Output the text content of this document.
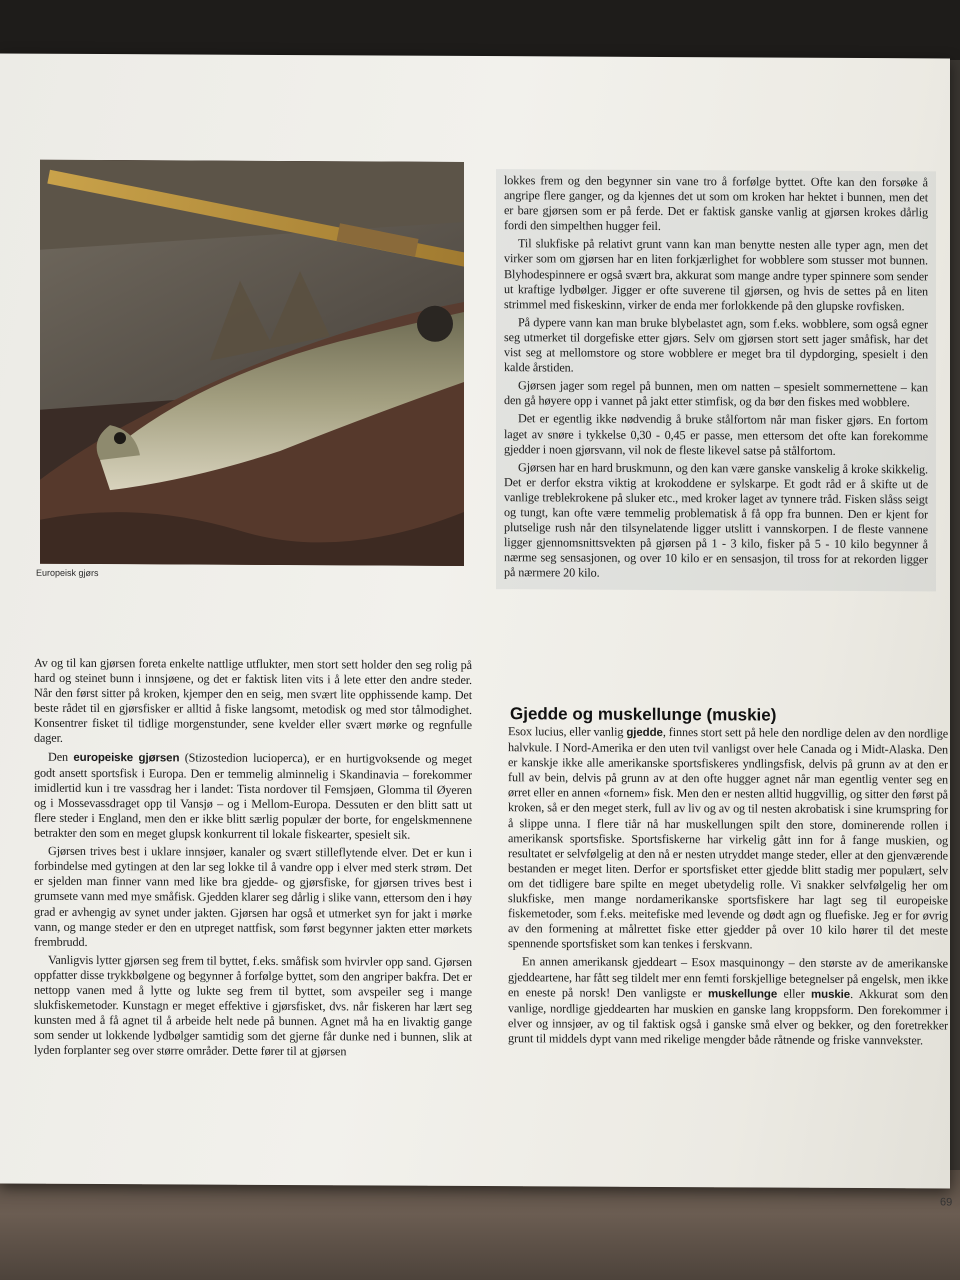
Europeisk gjørs

lokkes frem og den begynner sin vane tro å forfølge byttet. Ofte kan den forsøke å angripe flere ganger, og da kjennes det ut som om kroken har hektet i bunnen, men det er bare gjørsen som er på ferde. Det er faktisk ganske vanlig at gjørsen krokes dårlig fordi den simpelthen hugger feil.

Til slukfiske på relativt grunt vann kan man benytte nesten alle typer agn, men det virker som om gjørsen har en liten forkjærlighet for wobblere som stusser mot bunnen. Blyhodespinnere er også svært bra, akkurat som mange andre typer spinnere som sender ut kraftige lydbølger. Jigger er ofte suverene til gjørsen, og hvis de settes på en liten strimmel med fiskeskinn, virker de enda mer forlokkende på den glupske rovfisken.

På dypere vann kan man bruke blybelastet agn, som f.eks. wobblere, som også egner seg utmerket til dorgefiske etter gjørs. Selv om gjørsen stort sett jager småfisk, har det vist seg at mellomstore og store wobblere er meget bra til dypdorging, spesielt i den kalde årstiden.

Gjørsen jager som regel på bunnen, men om natten – spesielt sommernettene – kan den gå høyere opp i vannet på jakt etter stimfisk, og da bør den fiskes med wobblere.

Det er egentlig ikke nødvendig å bruke stålfortom når man fisker gjørs. En fortom laget av snøre i tykkelse 0,30 - 0,45 er passe, men ettersom det ofte kan forekomme gjedder i noen gjørsvann, vil nok de fleste likevel satse på stålfortom.

Gjørsen har en hard bruskmunn, og den kan være ganske vanskelig å kroke skikkelig. Det er derfor ekstra viktig at krokoddene er sylskarpe. Et godt råd er å skifte ut de vanlige treblekrokene på sluker etc., med kroker laget av tynnere tråd. Fisken slåss seigt og tungt, kan ofte være temmelig problematisk å få opp fra bunnen. Den er kjent for plutselige rush når den tilsynelatende ligger utslitt i vannskorpen. I de fleste vannene ligger gjennomsnittsvekten på gjørsen på 1 - 3 kilo, fisker på 5 - 10 kilo begynner å nærme seg sensasjonen, og over 10 kilo er en sensasjon, til tross for at rekorden ligger på nærmere 20 kilo.

Av og til kan gjørsen foreta enkelte nattlige utflukter, men stort sett holder den seg rolig på hard og steinet bunn i innsjøene, og det er faktisk liten vits i å lete etter den andre steder. Når den først sitter på kroken, kjemper den en seig, men svært lite opphissende kamp. Det beste rådet til en gjørsfisker er alltid å fiske langsomt, metodisk og med stor tålmodighet. Konsentrer fisket til tidlige morgenstunder, sene kvelder eller svært mørke og regnfulle dager.

Den europeiske gjørsen (Stizostedion lucioperca), er en hurtigvoksende og meget godt ansett sportsfisk i Europa. Den er temmelig alminnelig i Skandinavia – forekommer imidlertid kun i tre vassdrag her i landet: Tista nordover til Femsjøen, Glomma til Øyeren og i Mossevassdraget opp til Vansjø – og i Mellom-Europa. Dessuten er den blitt satt ut flere steder i England, men den er ikke blitt særlig populær der borte, for engelskmennene betrakter den som en meget glupsk konkurrent til lokale fiskearter, spesielt sik.

Gjørsen trives best i uklare innsjøer, kanaler og svært stilleflytende elver. Det er kun i forbindelse med gytingen at den lar seg lokke til å vandre opp i elver med sterk strøm. Det er sjelden man finner vann med like bra gjedde- og gjørsfiske, for gjørsen trives best i grumsete vann med mye småfisk. Gjedden klarer seg dårlig i slike vann, ettersom den i høy grad er avhengig av synet under jakten. Gjørsen har også et utmerket syn for jakt i mørke vann, og mange steder er den en utpreget nattfisk, som først begynner jakten etter mørkets frembrudd.

Vanligvis lytter gjørsen seg frem til byttet, f.eks. småfisk som hvirvler opp sand. Gjørsen oppfatter disse trykkbølgene og begynner å forfølge byttet, som den angriper bakfra. Det er nettopp vanen med å lytte og lukte seg frem til byttet, som avspeiler seg i mange slukfiskemetoder. Kunstagn er meget effektive i gjørsfisket, dvs. når fiskeren har lært seg kunsten med å få agnet til å arbeide helt nede på bunnen. Agnet må ha en livaktig gange som sender ut lokkende lydbølger samtidig som det gjerne får dunke ned i bunnen, slik at lyden forplanter seg over større områder. Dette fører til at gjørsen

Gjedde og muskellunge (muskie)

Esox lucius, eller vanlig gjedde, finnes stort sett på hele den nordlige delen av den nordlige halvkule. I Nord-Amerika er den uten tvil vanligst over hele Canada og i Midt-Alaska. Den er kanskje ikke alle amerikanske sportsfiskeres yndlingsfisk, delvis på grunn av at den er full av bein, delvis på grunn av at den ofte hugger agnet når man egentlig venter seg en ørret eller en annen «fornem» fisk. Men den er nesten alltid huggvillig, og sitter den først på kroken, så er den meget sterk, full av liv og av og til nesten akrobatisk i sine krumspring for å slippe unna. I flere tiår nå har muskellungen spilt den store, dominerende rollen i amerikansk sportsfiske. Sportsfiskerne har virkelig gått inn for å fange muskien, og resultatet er selvfølgelig at den nå er nesten utryddet mange steder, eller at den gjenværende bestanden er meget liten. Derfor er sportsfisket etter gjedde blitt stadig mer populært, selv om det tidligere bare spilte en meget ubetydelig rolle. Vi snakker selvfølgelig her om slukfiske, men mange nordamerikanske sportsfiskere har lagt seg til europeiske fiskemetoder, som f.eks. meitefiske med levende og dødt agn og fluefiske. Jeg er for øvrig av den formening at målrettet fiske etter gjedder på over 10 kilo hører til det meste spennende sportsfisket som kan tenkes i ferskvann.

En annen amerikansk gjeddeart – Esox masquinongy – den største av de amerikanske gjeddeartene, har fått seg tildelt mer enn femti forskjellige betegnelser på engelsk, men ikke en eneste på norsk! Den vanligste er muskellunge eller muskie. Akkurat som den vanlige, nordlige gjeddearten har muskien en ganske lang kroppsform. Den forekommer i elver og innsjøer, av og til faktisk også i ganske små elver og bekker, og den foretrekker grunt til middels dypt vann med rikelige mengder både råtnende og friske vannvekster.

69
